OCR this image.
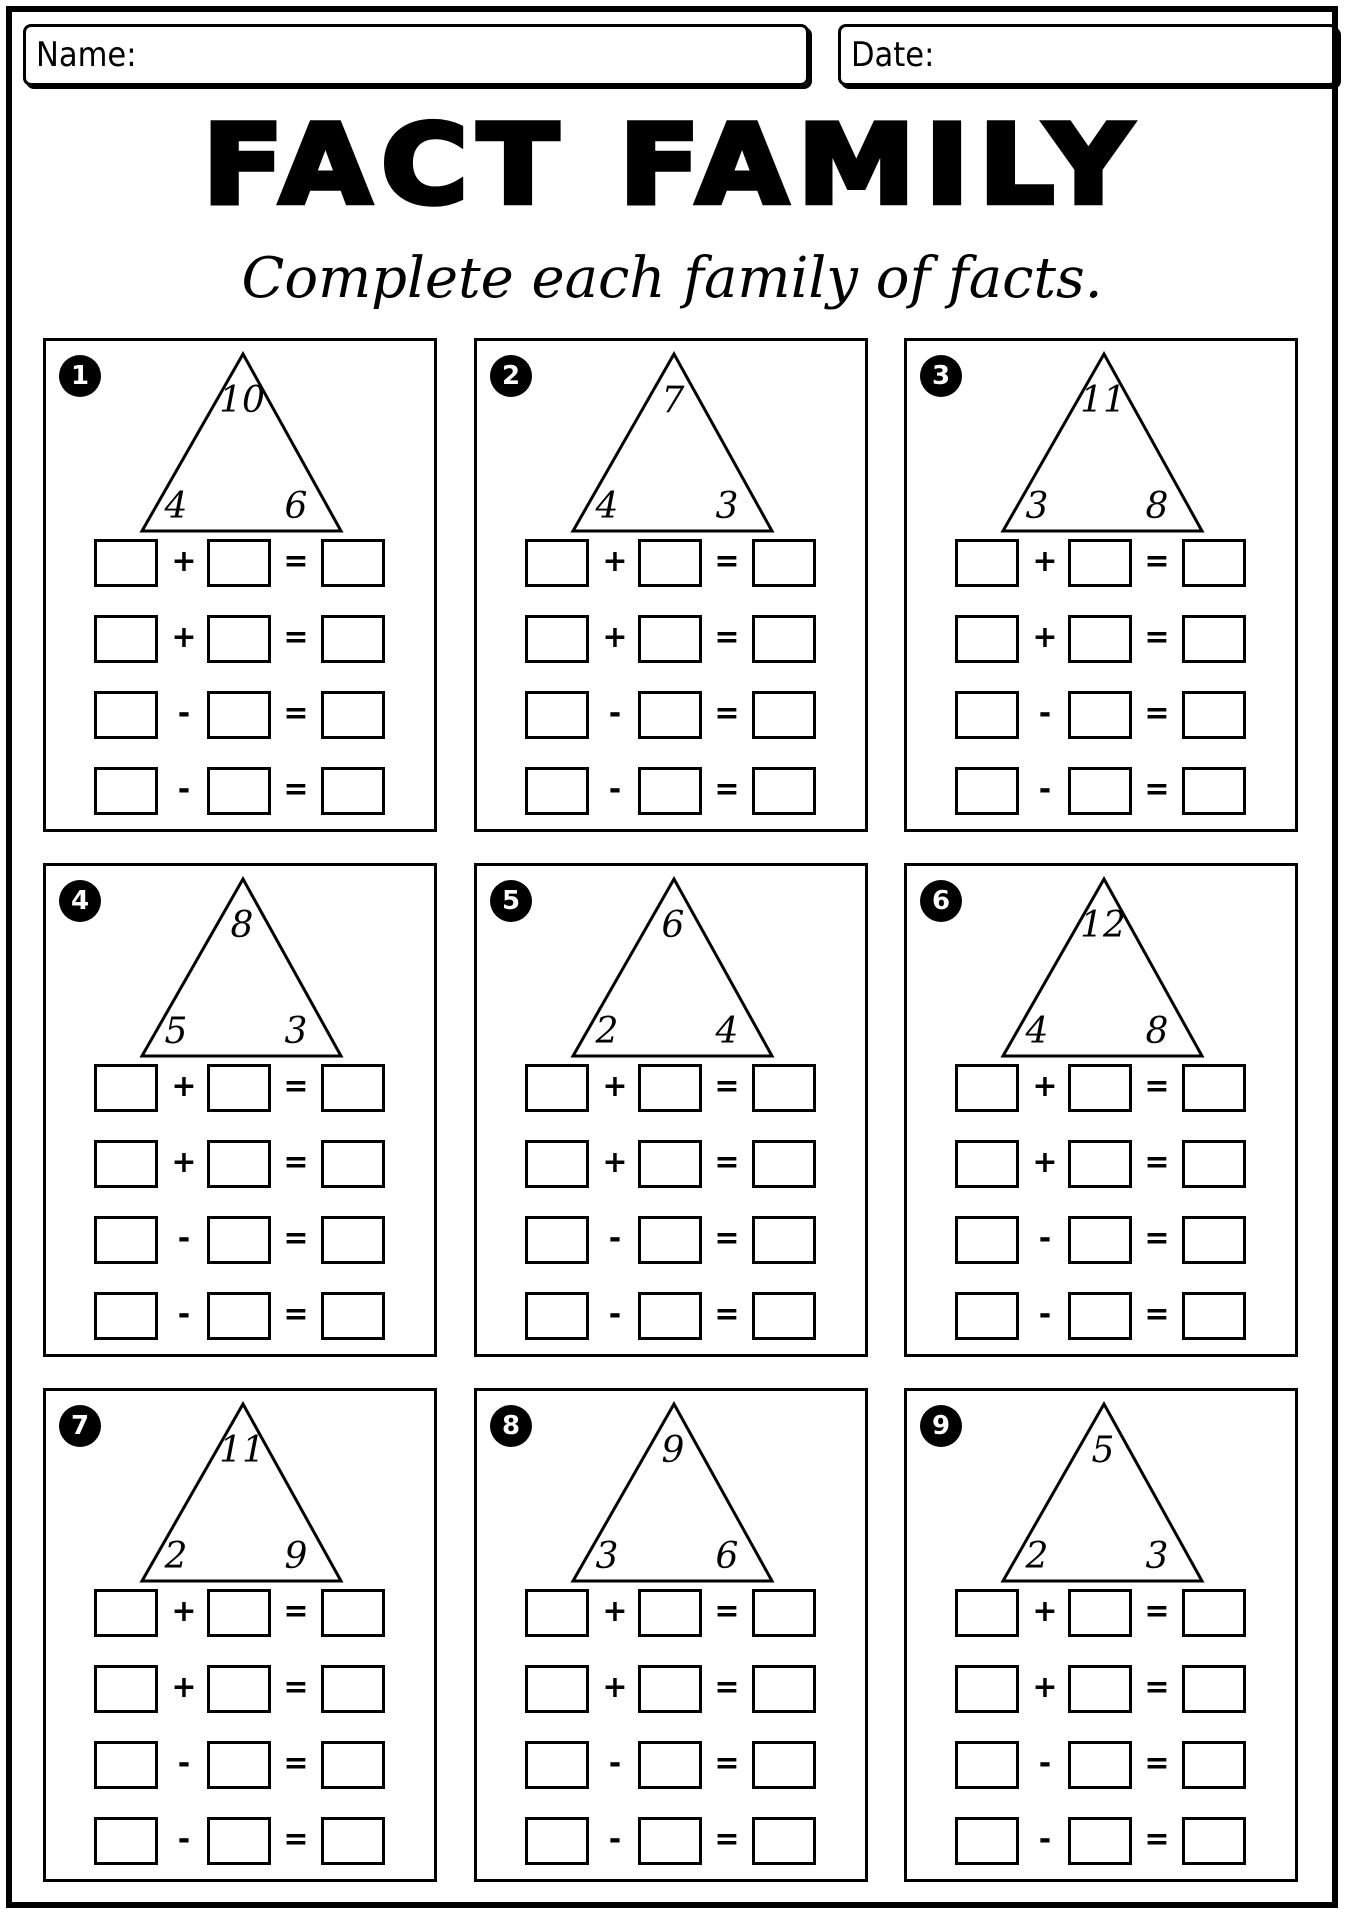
Name:	Date:
FACT FAMILY
Complete each family of facts.
1
10
4	6
+	=
+	=
-	=
-	=
2
7
4	3
+	=
+	=
-	=
-	=
3
11
3	8
+	=
+	=
-	=
-	=
4
8
5	3
+	=
+	=
-	=
-	=
5
6
2	4
+	=
+	=
-	=
-	=
6
12
4	8
+	=
+	=
-	=
-	=
7
11
2	9
+	=
+	=
-	=
-	=
8
9
3	6
+	=
+	=
-	=
-	=
9
5
2	3
+	=
+	=
-	=
-	=
